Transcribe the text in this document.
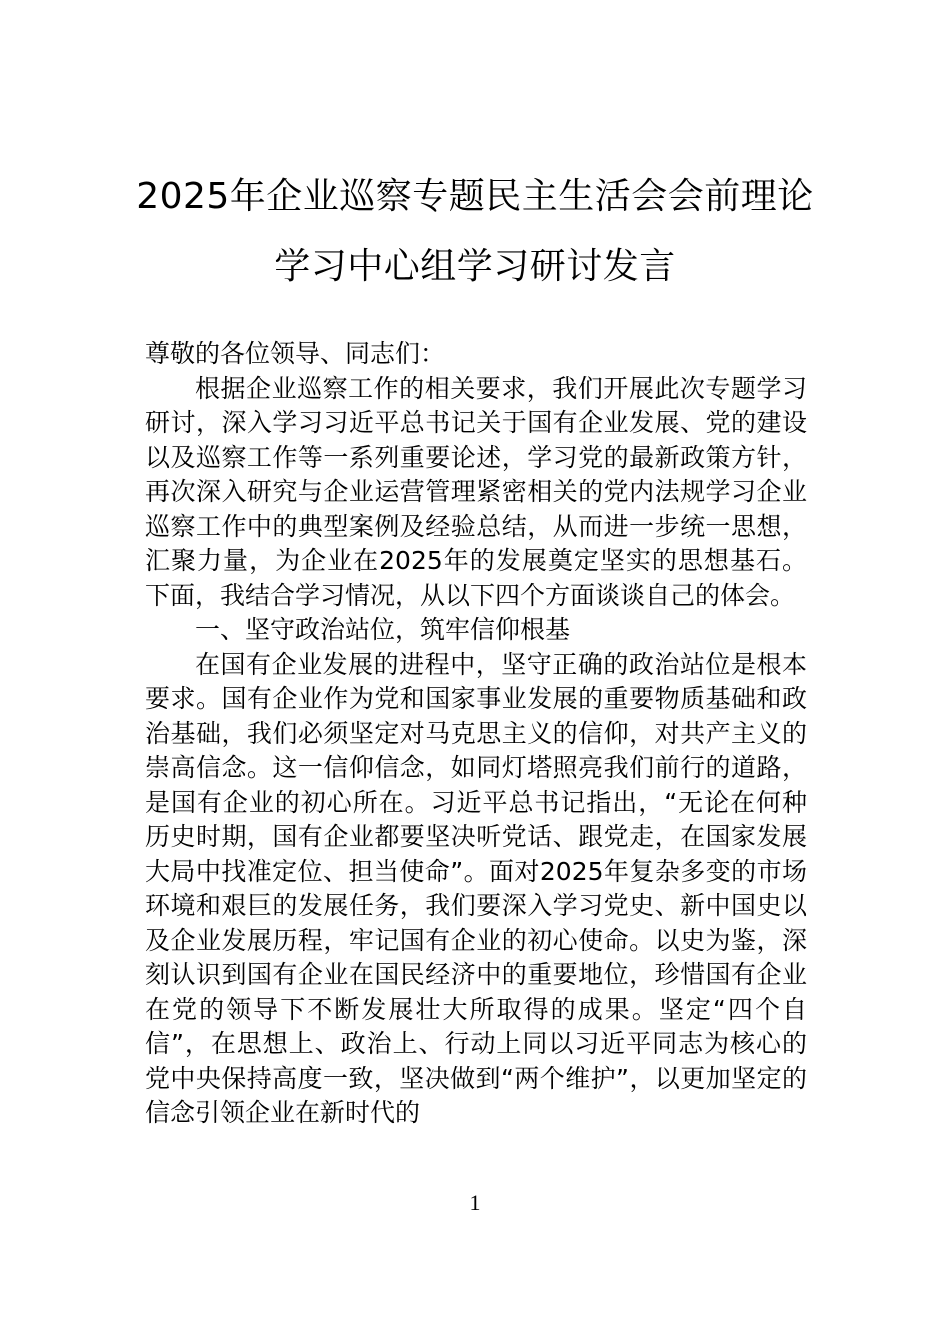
2025年企业巡察专题民主生活会会前理论
学习中心组学习研讨发言

尊敬的各位领导、同志们：

根据企业巡察工作的相关要求，我们开展此次专题学习研讨，深入学习习近平总书记关于国有企业发展、党的建设以及巡察工作等一系列重要论述，学习党的最新政策方针，再次深入研究与企业运营管理紧密相关的党内法规学习企业巡察工作中的典型案例及经验总结，从而进一步统一思想，汇聚力量，为企业在2025年的发展奠定坚实的思想基石。下面，我结合学习情况，从以下四个方面谈谈自己的体会。

一、坚守政治站位，筑牢信仰根基

在国有企业发展的进程中，坚守正确的政治站位是根本要求。国有企业作为党和国家事业发展的重要物质基础和政治基础，我们必须坚定对马克思主义的信仰，对共产主义的崇高信念。这一信仰信念，如同灯塔照亮我们前行的道路，是国有企业的初心所在。习近平总书记指出，“无论在何种历史时期，国有企业都要坚决听党话、跟党走，在国家发展大局中找准定位、担当使命”。面对2025年复杂多变的市场环境和艰巨的发展任务，我们要深入学习党史、新中国史以及企业发展历程，牢记国有企业的初心使命。以史为鉴，深刻认识到国有企业在国民经济中的重要地位，珍惜国有企业在党的领导下不断发展壮大所取得的成果。坚定“四个自信”，在思想上、政治上、行动上同以习近平同志为核心的党中央保持高度一致，坚决做到“两个维护”，以更加坚定的信念引领企业在新时代的

1
